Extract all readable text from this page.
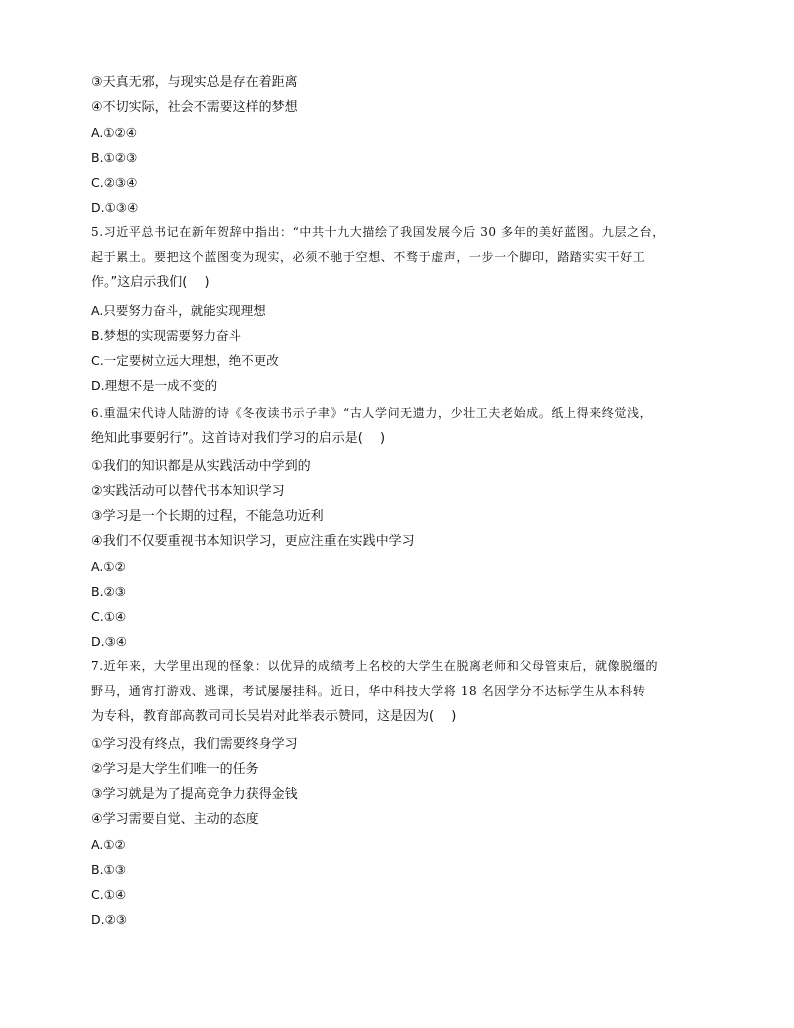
③天真无邪，与现实总是存在着距离
④不切实际，社会不需要这样的梦想
A.①②④
B.①②③
C.②③④
D.①③④
5.习近平总书记在新年贺辞中指出：“中共十九大描绘了我国发展今后 30 多年的美好蓝图。九层之台，
起于累土。要把这个蓝图变为现实，必须不驰于空想、不骛于虚声，一步一个脚印，踏踏实实干好工
作。”这启示我们(　 )
A.只要努力奋斗，就能实现理想
B.梦想的实现需要努力奋斗
C.一定要树立远大理想，绝不更改
D.理想不是一成不变的
6.重温宋代诗人陆游的诗《冬夜读书示子聿》“古人学问无遗力，少壮工夫老始成。纸上得来终觉浅，
绝知此事要躬行”。这首诗对我们学习的启示是(　 )
①我们的知识都是从实践活动中学到的
②实践活动可以替代书本知识学习
③学习是一个长期的过程，不能急功近利
④我们不仅要重视书本知识学习，更应注重在实践中学习
A.①②
B.②③
C.①④
D.③④
7.近年来，大学里出现的怪象：以优异的成绩考上名校的大学生在脱离老师和父母管束后，就像脱缰的
野马，通宵打游戏、逃课，考试屡屡挂科。近日，华中科技大学将 18 名因学分不达标学生从本科转
为专科，教育部高教司司长吴岩对此举表示赞同，这是因为(　 )
①学习没有终点，我们需要终身学习
②学习是大学生们唯一的任务
③学习就是为了提高竞争力获得金钱
④学习需要自觉、主动的态度
A.①②
B.①③
C.①④
D.②③
